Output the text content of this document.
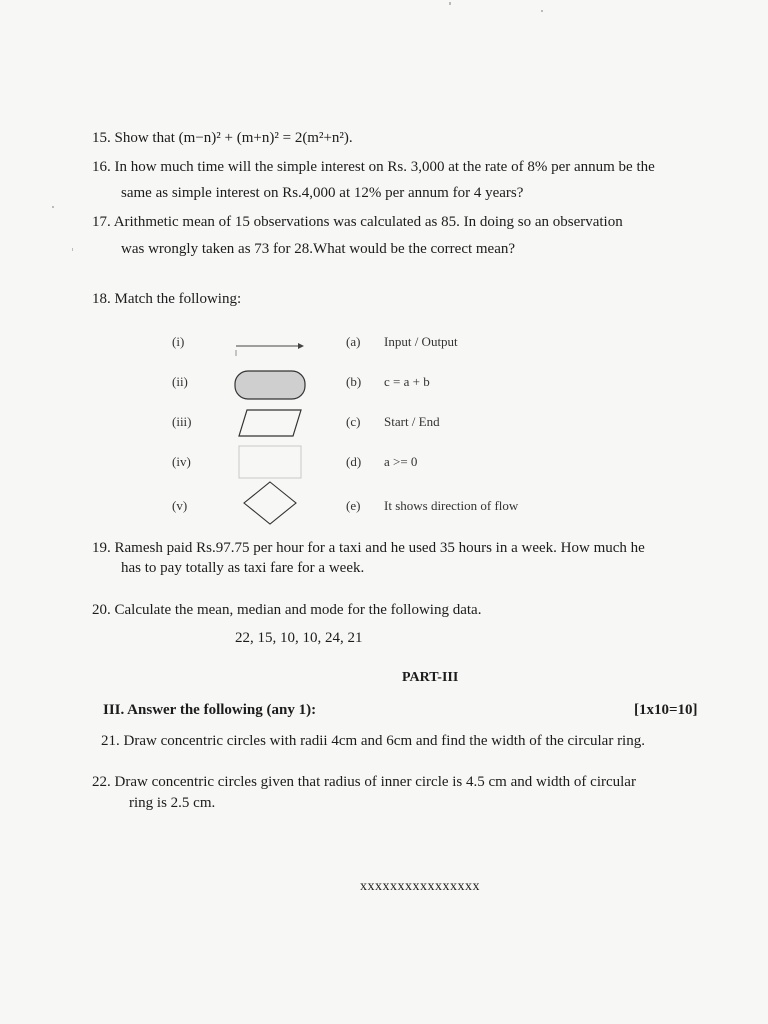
15. Show that (m−n)² + (m+n)² = 2(m²+n²).
16. In how much time will the simple interest on Rs. 3,000 at the rate of 8% per annum be the
same as simple interest on Rs.4,000 at 12% per annum for 4 years?
17. Arithmetic mean of 15 observations was calculated as 85. In doing so an observation
was wrongly taken as 73 for 28.What would be the correct mean?
18. Match the following:
(i)	(a) Input / Output
(ii)	(b) c = a + b
(iii)	(c) Start / End
(iv)	(d) a >= 0
(v)	(e) It shows direction of flow
19. Ramesh paid Rs.97.75 per hour for a taxi and he used 35 hours in a week. How much he
has to pay totally as taxi fare for a week.
20. Calculate the mean, median and mode for the following data.
22, 15, 10, 10, 24, 21
PART-III
III. Answer the following (any 1):	[1x10=10]
21. Draw concentric circles with radii 4cm and 6cm and find the width of the circular ring.
22. Draw concentric circles given that radius of inner circle is 4.5 cm and width of circular
ring is 2.5 cm.
xxxxxxxxxxxxxxxx
